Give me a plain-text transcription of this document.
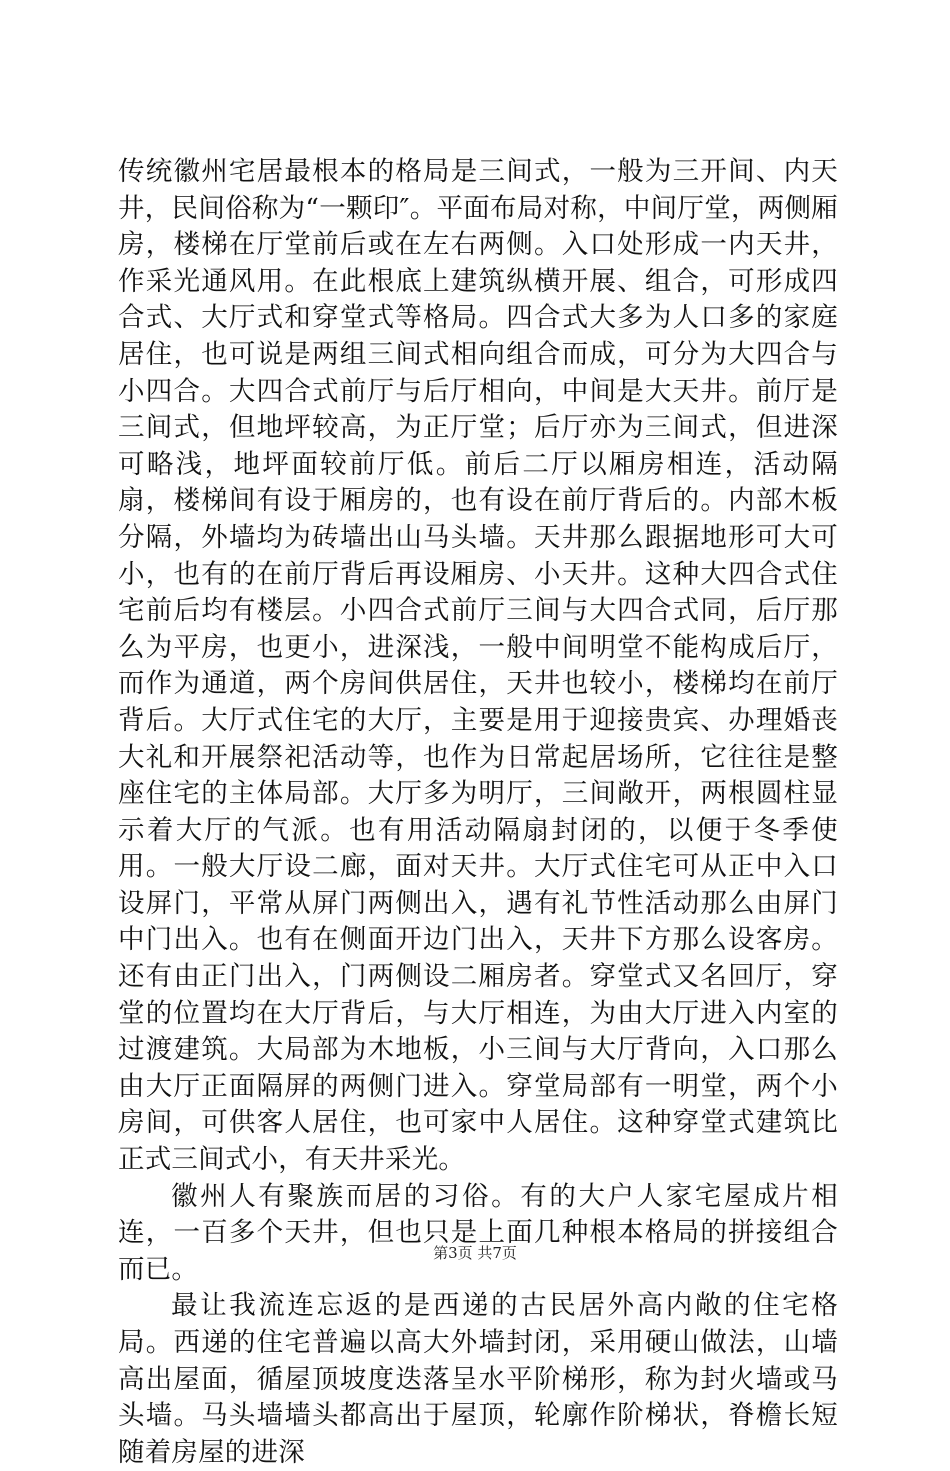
传统徽州宅居最根本的格局是三间式，一般为三开间、内天井，民间俗称为“一颗印″。平面布局对称，中间厅堂，两侧厢房，楼梯在厅堂前后或在左右两侧。入口处形成一内天井，作采光通风用。在此根底上建筑纵横开展、组合，可形成四合式、大厅式和穿堂式等格局。四合式大多为人口多的家庭居住，也可说是两组三间式相向组合而成，可分为大四合与小四合。大四合式前厅与后厅相向，中间是大天井。前厅是三间式，但地坪较高，为正厅堂；后厅亦为三间式，但进深可略浅，地坪面较前厅低。前后二厅以厢房相连，活动隔扇，楼梯间有设于厢房的，也有设在前厅背后的。内部木板分隔，外墙均为砖墙出山马头墙。天井那么跟据地形可大可小，也有的在前厅背后再设厢房、小天井。这种大四合式住宅前后均有楼层。小四合式前厅三间与大四合式同，后厅那么为平房，也更小，进深浅，一般中间明堂不能构成后厅，而作为通道，两个房间供居住，天井也较小，楼梯均在前厅背后。大厅式住宅的大厅，主要是用于迎接贵宾、办理婚丧大礼和开展祭祀活动等，也作为日常起居场所，它往往是整座住宅的主体局部。大厅多为明厅，三间敞开，两根圆柱显示着大厅的气派。也有用活动隔扇封闭的，以便于冬季使用。一般大厅设二廊，面对天井。大厅式住宅可从正中入口设屏门，平常从屏门两侧出入，遇有礼节性活动那么由屏门中门出入。也有在侧面开边门出入，天井下方那么设客房。还有由正门出入，门两侧设二厢房者。穿堂式又名回厅，穿堂的位置均在大厅背后，与大厅相连，为由大厅进入内室的过渡建筑。大局部为木地板，小三间与大厅背向，入口那么由大厅正面隔屏的两侧门进入。穿堂局部有一明堂，两个小房间，可供客人居住，也可家中人居住。这种穿堂式建筑比正式三间式小，有天井采光。

徽州人有聚族而居的习俗。有的大户人家宅屋成片相连，一百多个天井，但也只是上面几种根本格局的拼接组合而已。

最让我流连忘返的是西递的古民居外高内敞的住宅格局。西递的住宅普遍以高大外墙封闭，采用硬山做法，山墙高出屋面，循屋顶坡度迭落呈水平阶梯形，称为封火墙或马头墙。马头墙墙头都高出于屋顶，轮廓作阶梯状，脊檐长短随着房屋的进深

第3页 共7页
